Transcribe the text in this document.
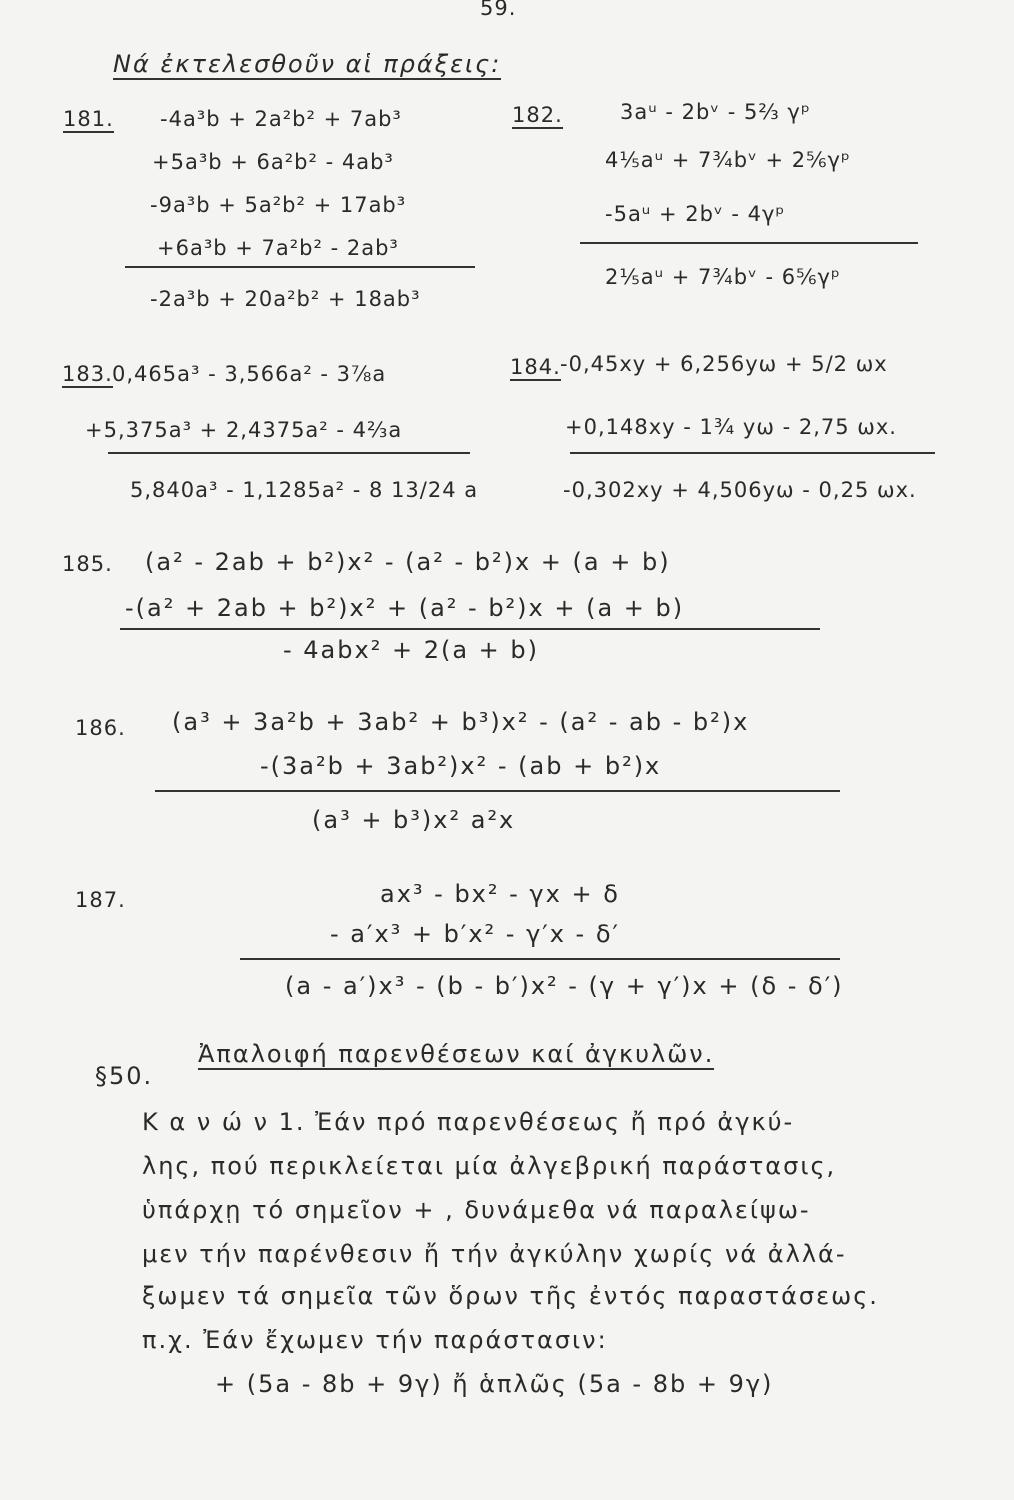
59.
Νά ἐκτελεσθοῦν αἱ πράξεις:
181. -4a³b + 2a²b² + 7ab³
+5a³b + 6a²b² - 4ab³
-9a³b + 5a²b² + 17ab³
+6a³b + 7a²b² - 2ab³
-2a³b + 20a²b² + 18ab³
182.	3aᵘ - 2bᵛ - 5⅔ γᵖ
4⅕aᵘ + 7¾bᵛ + 2⅚γᵖ
-5aᵘ + 2bᵛ - 4γᵖ
2⅕aᵘ + 7¾bᵛ - 6⅚γᵖ
183. 0,465a³ - 3,566a² - 3⅞a
+5,375a³ + 2,4375a² - 4⅔a
5,840a³ - 1,1285a² - 8 13/24 a
184. -0,45xy + 6,256yω + 5/2 ωx
+0,148xy - 1¾ yω - 2,75 ωx.
-0,302xy + 4,506yω - 0,25 ωx.
185. (a² - 2ab + b²)x² - (a² - b²)x + (a + b)
-(a² + 2ab + b²)x² + (a² - b²)x + (a + b)
- 4abx² + 2(a + b)
186. (a³ + 3a²b + 3ab² + b³)x² - (a² - ab - b²)x
-(3a²b + 3ab²)x² - (ab + b²)x
(a³ + b³)x² a²x
187.	ax³ - bx² - γx + δ
- a′x³ + b′x² - γ′x - δ′
(a - a′)x³ - (b - b′)x² - (γ + γ′)x + (δ - δ′)
§50.
Ἀπαλοιφή παρενθέσεων καί ἀγκυλῶν.
Κ α ν ώ ν 1. Ἐάν πρό παρενθέσεως ἤ πρό ἀγκύ-
λης, πού περικλείεται μία ἀλγεβρική παράστασις,
ὑπάρχῃ τό σημεῖον + , δυνάμεθα νά παραλείψω-
μεν τήν παρένθεσιν ἤ τήν ἀγκύλην χωρίς νά ἀλλά-
ξωμεν τά σημεῖα τῶν ὅρων τῆς ἐντός παραστάσεως.
π.χ. Ἐάν ἔχωμεν τήν παράστασιν:
+ (5a - 8b + 9γ) ἤ ἁπλῶς (5a - 8b + 9γ)
